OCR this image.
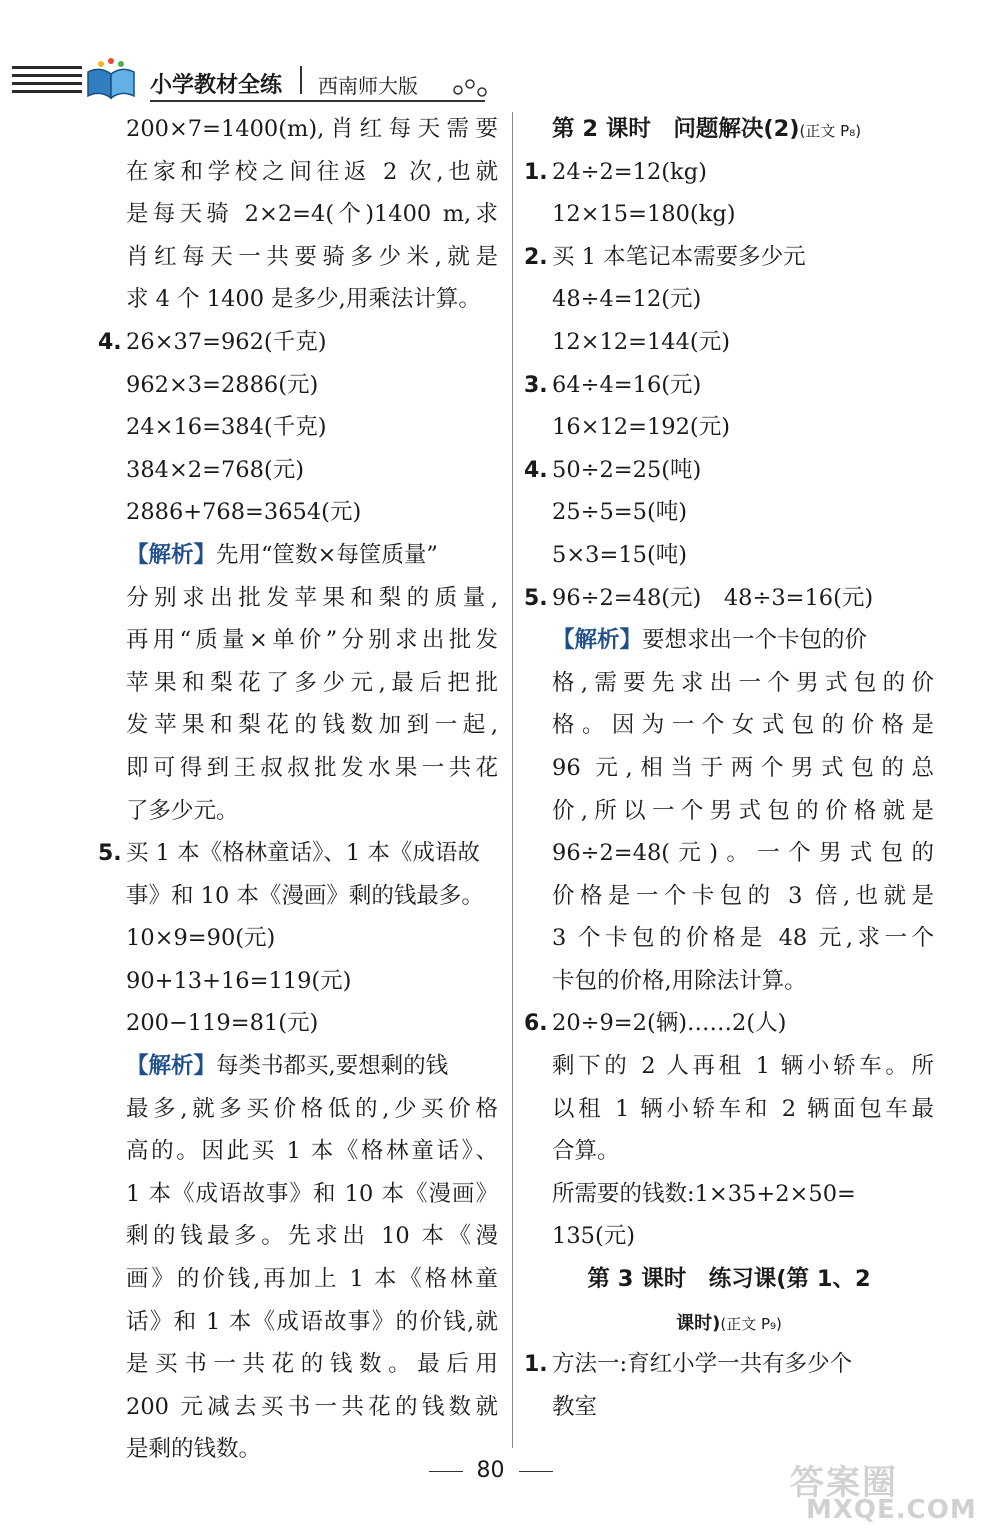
小学教材全练 西南师大版
200×7=1400(m),肖红每天需要
在家和学校之间往返 2 次,也就
是每天骑 2×2=4(个)1400 m,求
肖红每天一共要骑多少米,就是
求 4 个 1400 是多少,用乘法计算。
4. 26×37=962(千克)
962×3=2886(元)
24×16=384(千克)
384×2=768(元)
2886+768=3654(元)
【解析】先用“筐数×每筐质量”
分别求出批发苹果和梨的质量,
再用“质量×单价”分别求出批发
苹果和梨花了多少元,最后把批
发苹果和梨花的钱数加到一起,
即可得到王叔叔批发水果一共花
了多少元。
5. 买 1 本《格林童话》、1 本《成语故
事》和 10 本《漫画》剩的钱最多。
10×9=90(元)
90+13+16=119(元)
200−119=81(元)
【解析】每类书都买,要想剩的钱
最多,就多买价格低的,少买价格
高的。因此买 1 本《格林童话》、
1 本《成语故事》和 10 本《漫画》
剩的钱最多。先求出 10 本《漫
画》的价钱,再加上 1 本《格林童
话》和 1 本《成语故事》的价钱,就
是买书一共花的钱数。最后用
200 元减去买书一共花的钱数就
是剩的钱数。
第 2 课时　问题解决(2)(正文 P₈)
1. 24÷2=12(kg)
12×15=180(kg)
2. 买 1 本笔记本需要多少元
48÷4=12(元)
12×12=144(元)
3. 64÷4=16(元)
16×12=192(元)
4. 50÷2=25(吨)
25÷5=5(吨)
5×3=15(吨)
5. 96÷2=48(元)　48÷3=16(元)
【解析】要想求出一个卡包的价
格,需要先求出一个男式包的价
格。因为一个女式包的价格是
96 元,相当于两个男式包的总
价,所以一个男式包的价格就是
96÷2=48(元)。一个男式包的
价格是一个卡包的 3 倍,也就是
3 个卡包的价格是 48 元,求一个
卡包的价格,用除法计算。
6. 20÷9=2(辆)……2(人)
剩下的 2 人再租 1 辆小轿车。所
以租 1 辆小轿车和 2 辆面包车最
合算。
所需要的钱数:1×35+2×50=
135(元)
第 3 课时　练习课(第 1、2
课时)(正文 P₉)
1. 方法一:育红小学一共有多少个
教室
80	答案圈
MXQE.COM
